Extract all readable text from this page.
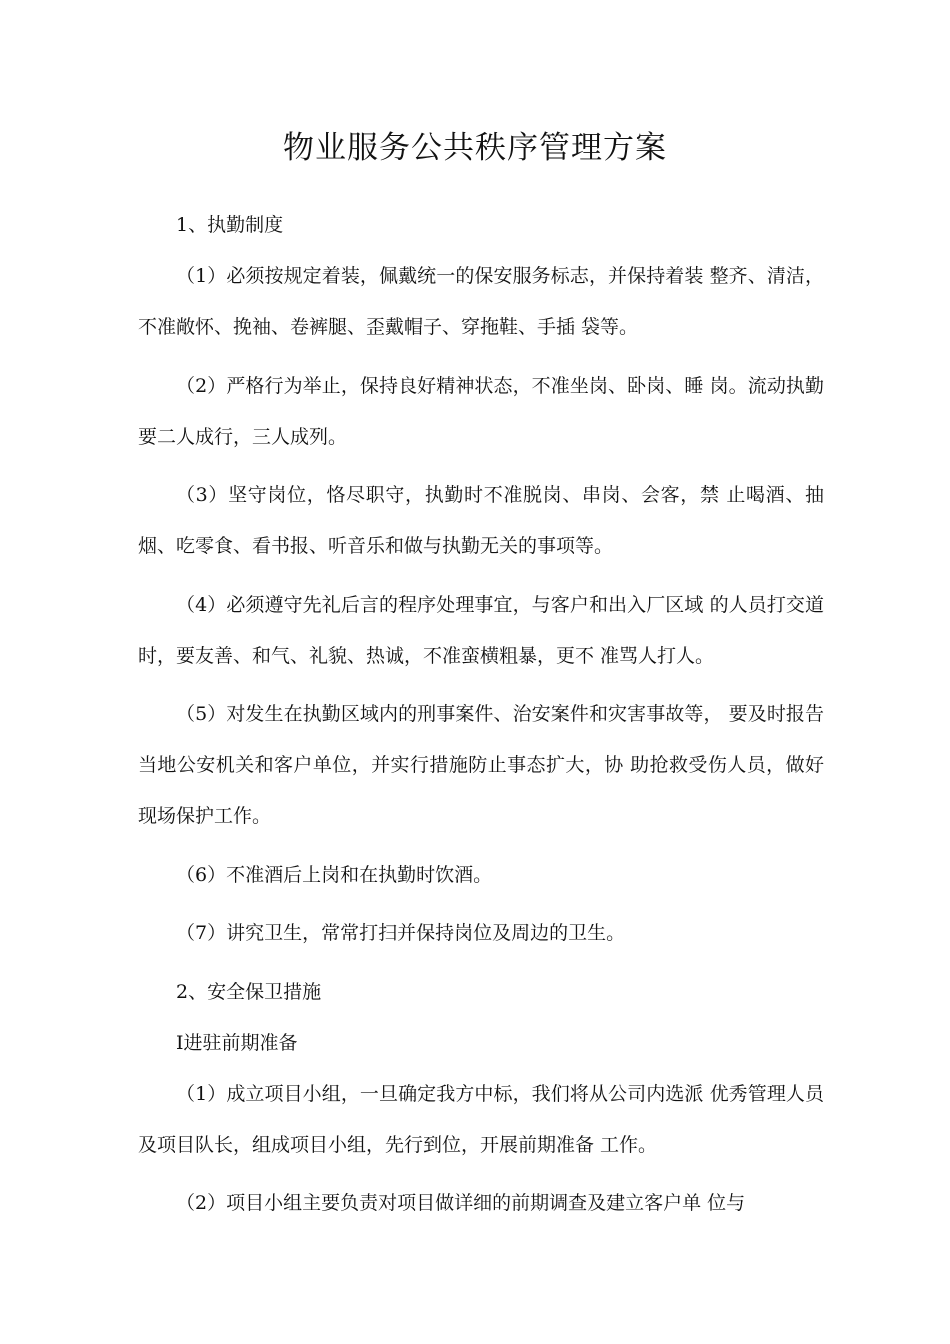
物业服务公共秩序管理方案

1、执勤制度

（1）必须按规定着装，佩戴统一的保安服务标志，并保持着装 整齐、清洁，不准敞怀、挽袖、卷裤腿、歪戴帽子、穿拖鞋、手插 袋等。

（2）严格行为举止，保持良好精神状态，不准坐岗、卧岗、睡 岗。流动执勤要二人成行，三人成列。

（3）坚守岗位，恪尽职守，执勤时不准脱岗、串岗、会客，禁 止喝酒、抽烟、吃零食、看书报、听音乐和做与执勤无关的事项等。

（4）必须遵守先礼后言的程序处理事宜，与客户和出入厂区域 的人员打交道时，要友善、和气、礼貌、热诚，不准蛮横粗暴，更不 准骂人打人。

（5）对发生在执勤区域内的刑事案件、治安案件和灾害事故等， 要及时报告当地公安机关和客户单位，并实行措施防止事态扩大，协 助抢救受伤人员，做好现场保护工作。

（6）不准酒后上岗和在执勤时饮酒。

（7）讲究卫生，常常打扫并保持岗位及周边的卫生。

2、安全保卫措施

I进驻前期准备

（1）成立项目小组，一旦确定我方中标，我们将从公司内选派 优秀管理人员及项目队长，组成项目小组，先行到位，开展前期准备 工作。

（2）项目小组主要负责对项目做详细的前期调查及建立客户单 位与
